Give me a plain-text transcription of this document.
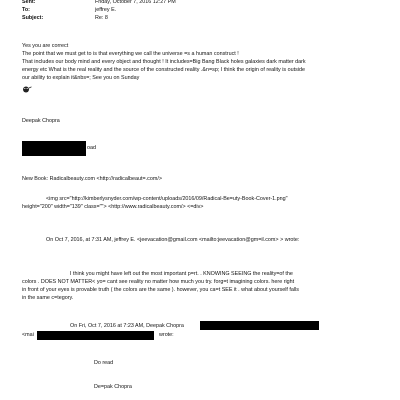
Sent:	Friday, October 7, 2016 12:27 PM
To:	jeffrey E.
Subject:	Re: 8
Yes you are correct
The point that we must get to is that everything we call the universe =s a human construct !
That includes our body mind and every object and thought ! It includes=Big Bang Black holes galaxies dark matter dark
energy etc What is the real reality and the source of the constructed reality .&n=sp; I think the origin of reality is outside
our ability to explain it&nbs=; See you on Sunday
Deepak Chopra
oad
New Book: Radicalbeauty.com <http://radicalbeaut=.com/>
<img src="http://kimberlysnyder.com/wp-content/uploads/2016/09/Radical-Be=uty-Book-Cover-1.png"
height="200" width="139" class=""> <http://www.radicalbeauty.com/> <=div>
On Oct 7, 2016, at 7:31 AM, jeffrey E. <jeevacation@gmail.com <mailto:jeevacation@gm=il.com> > wrote:
I think you might have left out the most important p=rt. . KNOWING SEEING the reality=of the
colors . DOES NOT MATTER< yo= cant see reality no matter how much you try. forg=t imagining colors. here right
in front of your eyes is provable truth ( the colors are the same ). however, you ca=t SEE it . what about yourself falls
in the same c=tegory.
On Fri, Oct 7, 2016 at 7:23 AM, Deepak Chopra
<mai	wrote:
Do read
De=pak Chopra
